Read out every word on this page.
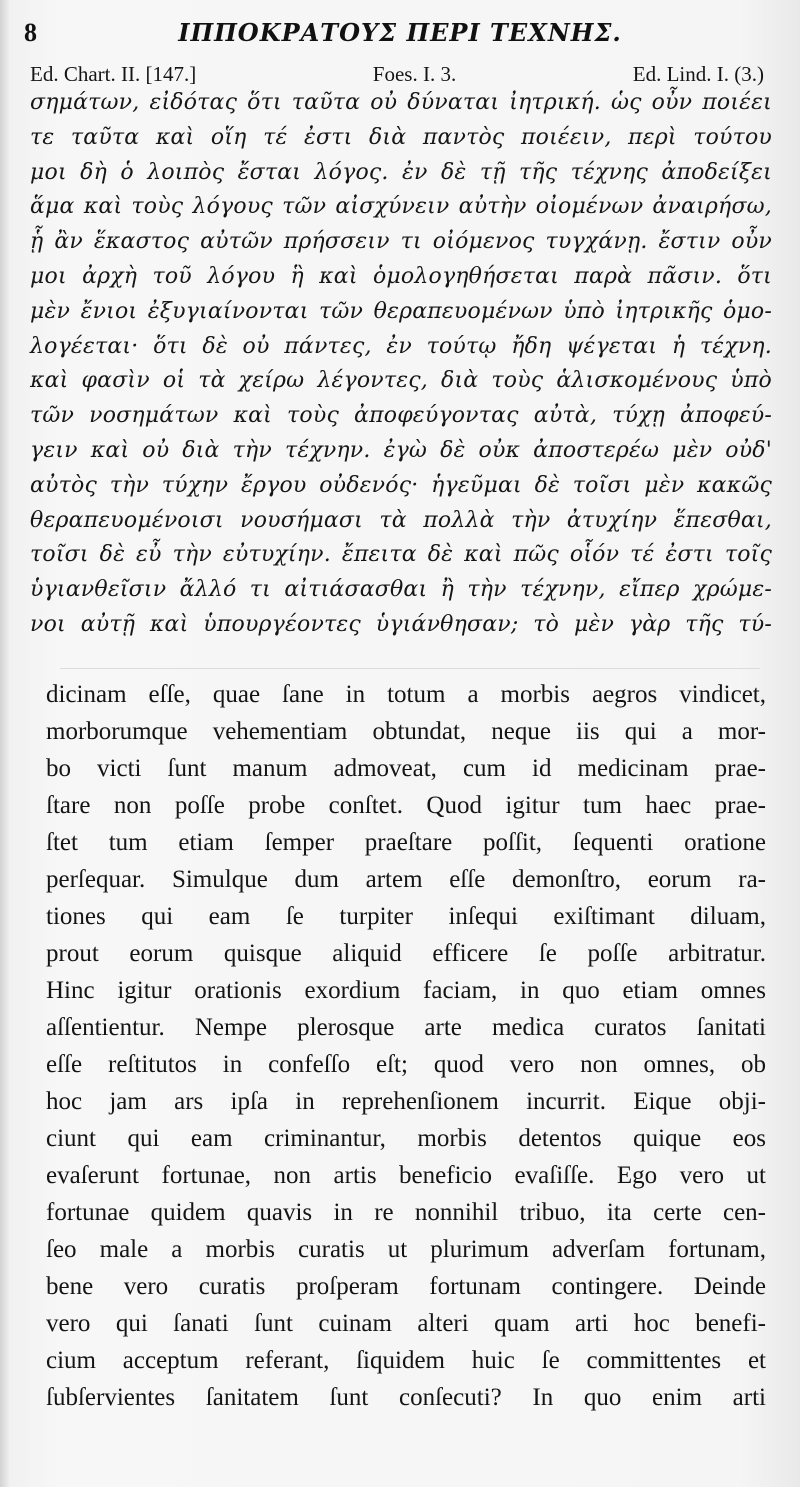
8	ΙΠΠΟΚΡΑΤΟΥΣ ΠΕΡΙ ΤΕΧΝΗΣ.
Ed. Chart. II. [147.]	Foes. I. 3.	Ed. Lind. I. (3.)
σημάτων, εἰδότας ὅτι ταῦτα οὐ δύναται ἰητρική. ὡς οὖν ποιέει
τε ταῦτα καὶ οἵη τέ ἐστι διὰ παντὸς ποιέειν, περὶ τούτου
μοι δὴ ὁ λοιπὸς ἔσται λόγος. ἐν δὲ τῇ τῆς τέχνης ἀποδείξει
ἅμα καὶ τοὺς λόγους τῶν αἰσχύνειν αὐτὴν οἰομένων ἀναιρήσω,
ᾗ ἂν ἕκαστος αὐτῶν πρήσσειν τι οἰόμενος τυγχάνῃ. ἔστιν οὖν
μοι ἀρχὴ τοῦ λόγου ἣ καὶ ὁμολογηθήσεται παρὰ πᾶσιν. ὅτι
μὲν ἔνιοι ἐξυγιαίνονται τῶν θεραπευομένων ὑπὸ ἰητρικῆς ὁμο-
λογέεται· ὅτι δὲ οὐ πάντες, ἐν τούτῳ ἤδη ψέγεται ἡ τέχνη.
καὶ φασὶν οἱ τὰ χείρω λέγοντες, διὰ τοὺς ἁλισκομένους ὑπὸ
τῶν νοσημάτων καὶ τοὺς ἀποφεύγοντας αὐτὰ, τύχῃ ἀποφεύ-
γειν καὶ οὐ διὰ τὴν τέχνην. ἐγὼ δὲ οὐκ ἀποστερέω μὲν οὐδ'
αὐτὸς τὴν τύχην ἔργου οὐδενός· ἡγεῦμαι δὲ τοῖσι μὲν κακῶς
θεραπευομένοισι νουσήμασι τὰ πολλὰ τὴν ἀτυχίην ἕπεσθαι,
τοῖσι δὲ εὖ τὴν εὐτυχίην. ἔπειτα δὲ καὶ πῶς οἷόν τέ ἐστι τοῖς
ὑγιανθεῖσιν ἄλλό τι αἰτιάσασθαι ἢ τὴν τέχνην, εἴπερ χρώμε-
νοι αὐτῇ καὶ ὑπουργέοντες ὑγιάνθησαν; τὸ μὲν γὰρ τῆς τύ-
dicinam eſſe, quae ſane in totum a morbis aegros vindicet,
morborumque vehementiam obtundat, neque iis qui a mor-
bo victi ſunt manum admoveat, cum id medicinam prae-
ſtare non poſſe probe conſtet. Quod igitur tum haec prae-
ſtet tum etiam ſemper praeſtare poſſit, ſequenti oratione
perſequar. Simulque dum artem eſſe demonſtro, eorum ra-
tiones qui eam ſe turpiter inſequi exiſtimant diluam,
prout eorum quisque aliquid efficere ſe poſſe arbitratur.
Hinc igitur orationis exordium faciam, in quo etiam omnes
aſſentientur. Nempe plerosque arte medica curatos ſanitati
eſſe reſtitutos in confeſſo eſt; quod vero non omnes, ob
hoc jam ars ipſa in reprehenſionem incurrit. Eique obji-
ciunt qui eam criminantur, morbis detentos quique eos
evaſerunt fortunae, non artis beneficio evaſiſſe. Ego vero ut
fortunae quidem quavis in re nonnihil tribuo, ita certe cen-
ſeo male a morbis curatis ut plurimum adverſam fortunam,
bene vero curatis proſperam fortunam contingere. Deinde
vero qui ſanati ſunt cuinam alteri quam arti hoc benefi-
cium acceptum referant, ſiquidem huic ſe committentes et
ſubſervientes ſanitatem ſunt conſecuti? In quo enim arti
